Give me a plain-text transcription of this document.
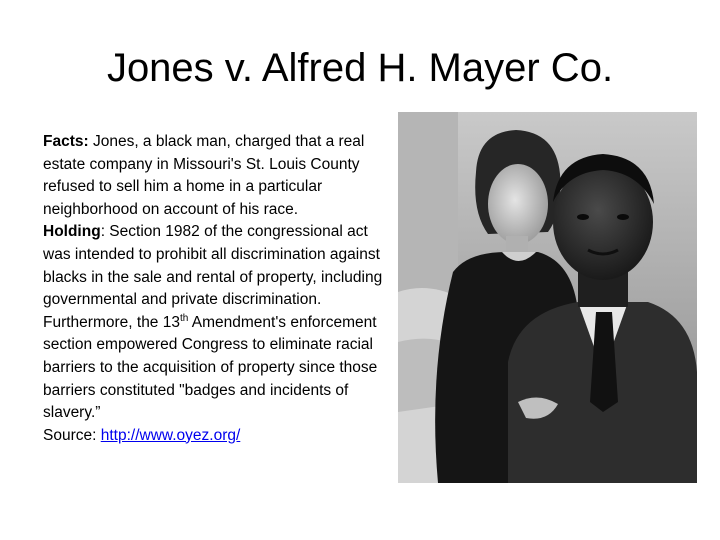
Jones v. Alfred H. Mayer Co.

Facts: Jones, a black man, charged that a real estate company in Missouri's St. Louis County refused to sell him a home in a particular neighborhood on account of his race.

Holding: Section 1982 of the congressional act was intended to prohibit all discrimination against blacks in the sale and rental of property, including governmental and private discrimination. Furthermore, the 13th Amendment's enforcement section empowered Congress to eliminate racial barriers to the acquisition of property since those barriers constituted "badges and incidents of slavery.”

Source: http://www.oyez.org/
